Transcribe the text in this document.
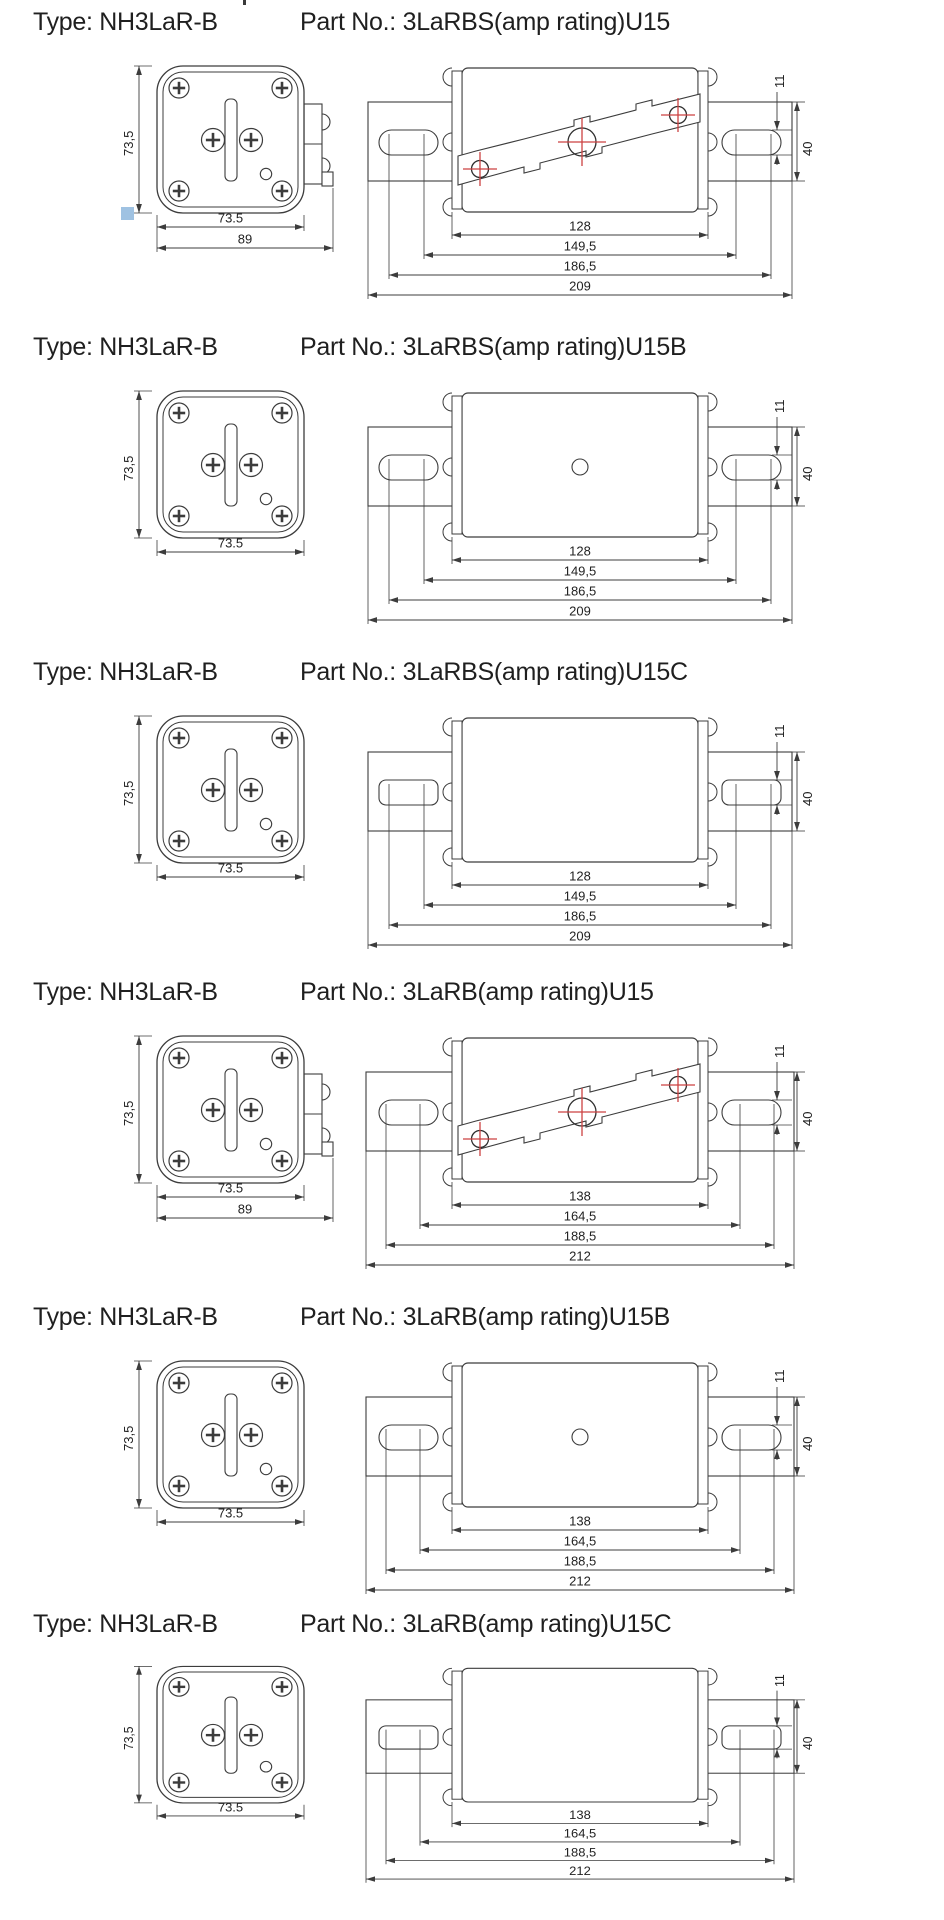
Type: NH3LaR-B	Part No.: 3LaRBS(amp rating)U15
73,5
73.5
89
11
40
128
149,5
186,5
209
Type: NH3LaR-B	Part No.: 3LaRBS(amp rating)U15B
73,5
73.5
11
40
128
149,5
186,5
209
Type: NH3LaR-B	Part No.: 3LaRBS(amp rating)U15C
73,5
73.5
11
40
128
149,5
186,5
209
Type: NH3LaR-B	Part No.: 3LaRB(amp rating)U15
73,5
73.5
89
11
40
138
164,5
188,5
212
Type: NH3LaR-B	Part No.: 3LaRB(amp rating)U15B
73,5
73.5
11
40
138
164,5
188,5
212
Type: NH3LaR-B	Part No.: 3LaRB(amp rating)U15C
73,5
73.5
11
40
138
164,5
188,5
212
